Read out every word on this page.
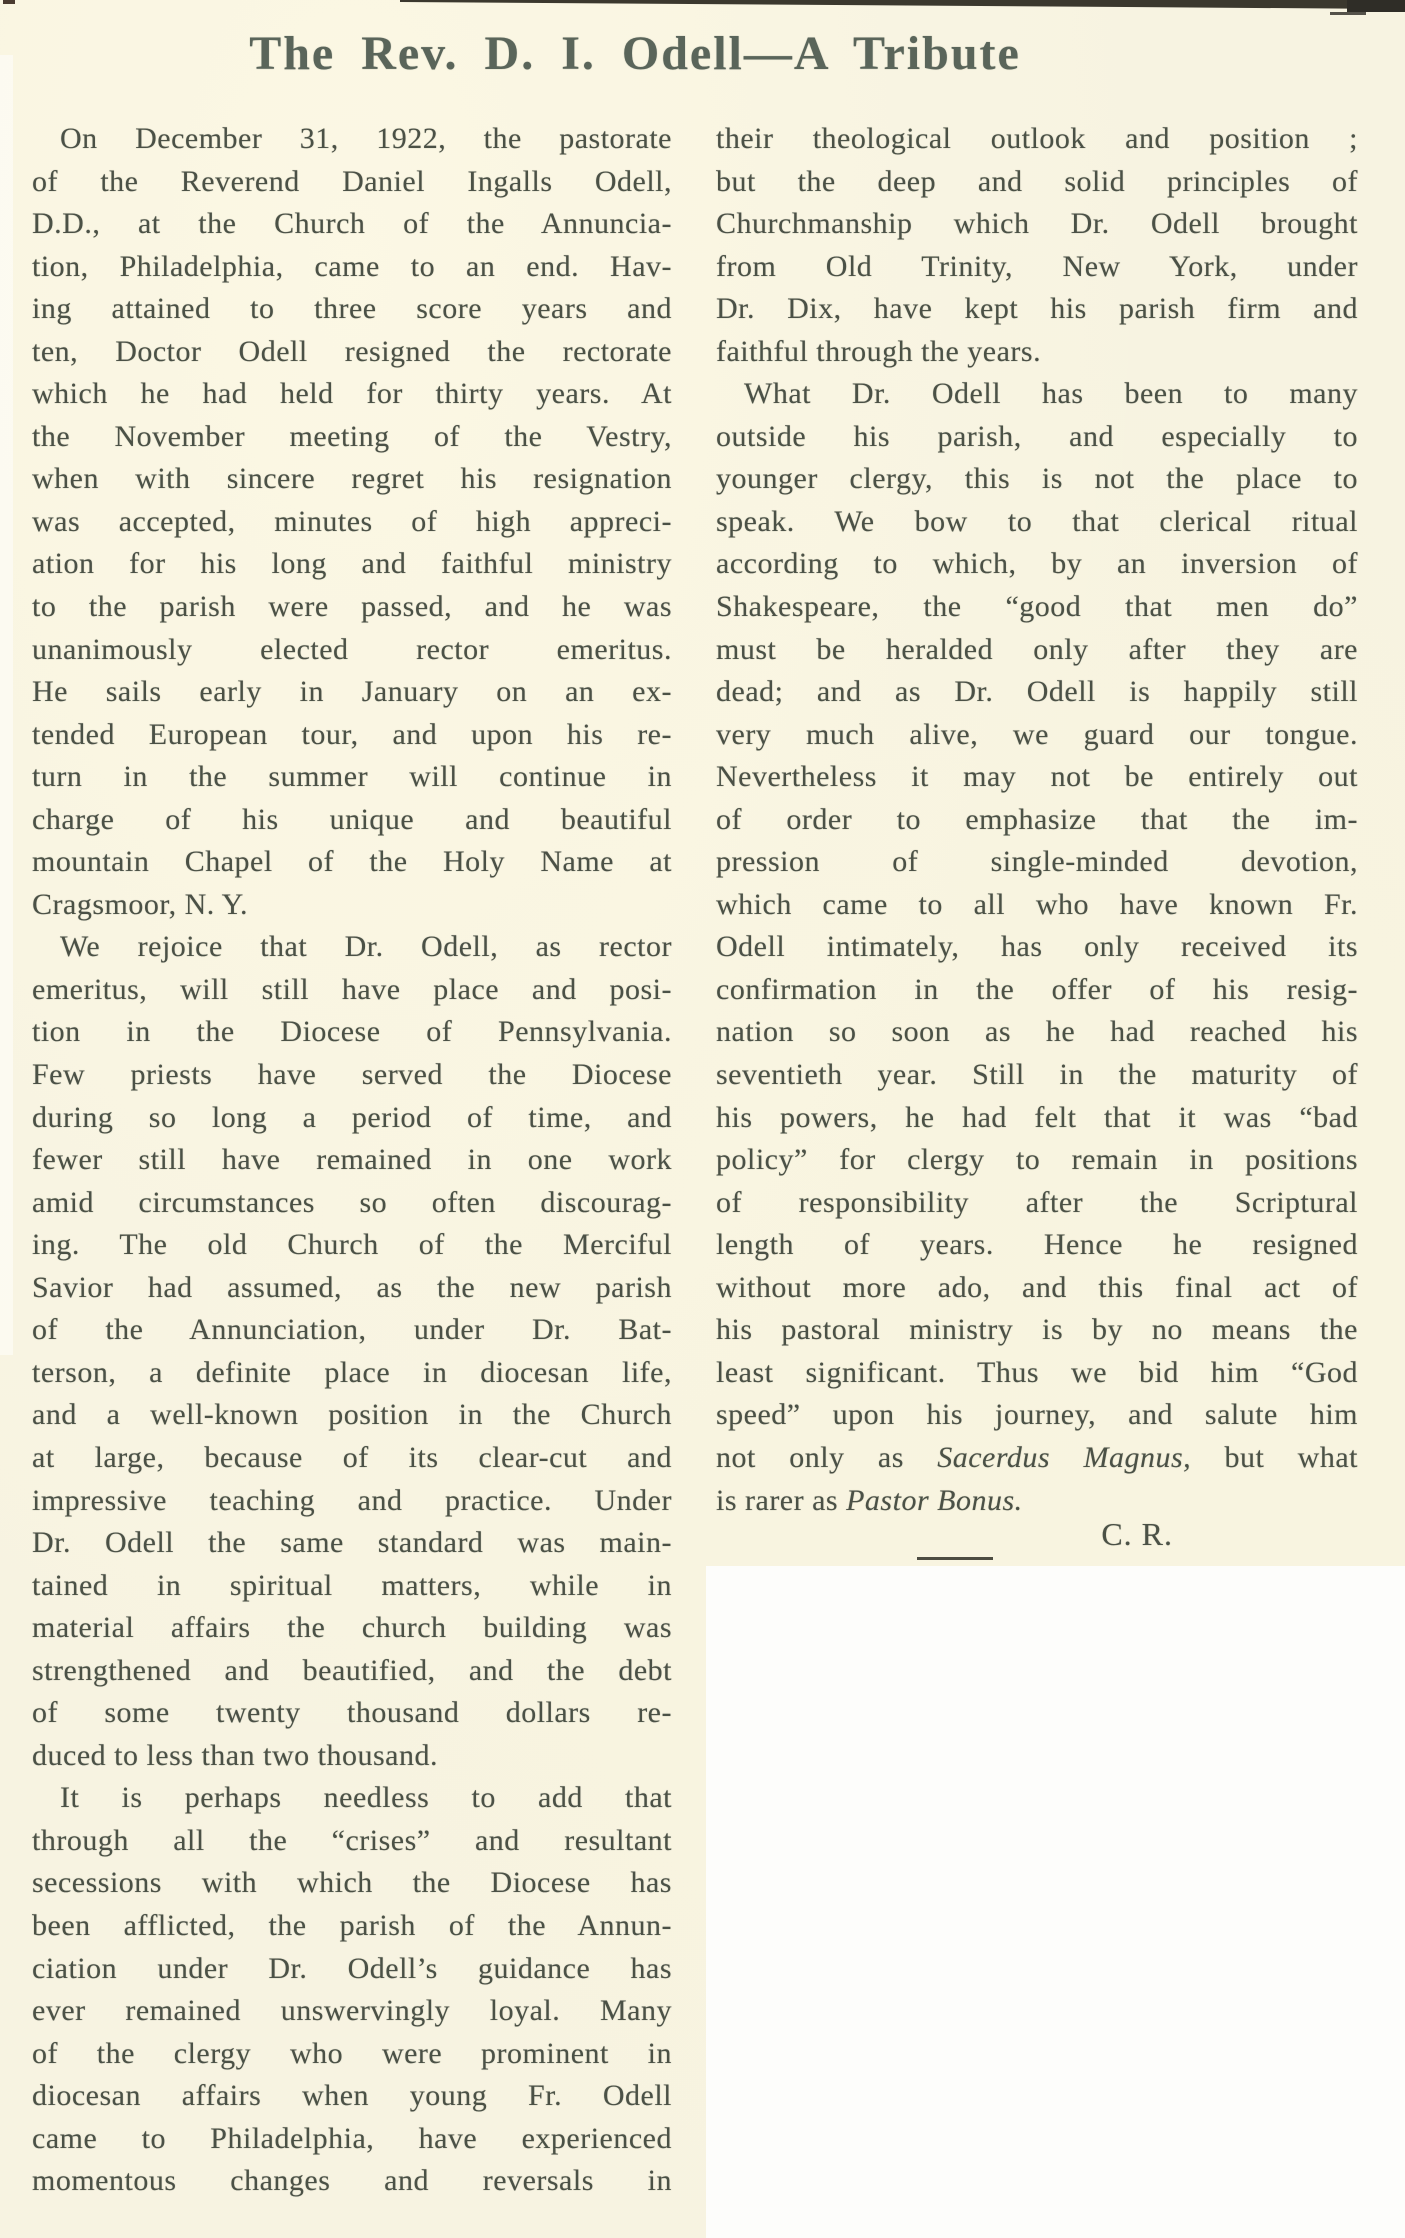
The Rev. D. I. Odell—A Tribute
On December 31, 1922, the pastorate
of the Reverend Daniel Ingalls Odell,
D.D., at the Church of the Annuncia-
tion, Philadelphia, came to an end. Hav-
ing attained to three score years and
ten, Doctor Odell resigned the rectorate
which he had held for thirty years. At
the November meeting of the Vestry,
when with sincere regret his resignation
was accepted, minutes of high appreci-
ation for his long and faithful ministry
to the parish were passed, and he was
unanimously elected rector emeritus.
He sails early in January on an ex-
tended European tour, and upon his re-
turn in the summer will continue in
charge of his unique and beautiful
mountain Chapel of the Holy Name at
Cragsmoor, N. Y.
We rejoice that Dr. Odell, as rector
emeritus, will still have place and posi-
tion in the Diocese of Pennsylvania.
Few priests have served the Diocese
during so long a period of time, and
fewer still have remained in one work
amid circumstances so often discourag-
ing. The old Church of the Merciful
Savior had assumed, as the new parish
of the Annunciation, under Dr. Bat-
terson, a definite place in diocesan life,
and a well-known position in the Church
at large, because of its clear-cut and
impressive teaching and practice. Under
Dr. Odell the same standard was main-
tained in spiritual matters, while in
material affairs the church building was
strengthened and beautified, and the debt
of some twenty thousand dollars re-
duced to less than two thousand.
It is perhaps needless to add that
through all the “crises” and resultant
secessions with which the Diocese has
been afflicted, the parish of the Annun-
ciation under Dr. Odell’s guidance has
ever remained unswervingly loyal. Many
of the clergy who were prominent in
diocesan affairs when young Fr. Odell
came to Philadelphia, have experienced
momentous changes and reversals in
their theological outlook and position ;
but the deep and solid principles of
Churchmanship which Dr. Odell brought
from Old Trinity, New York, under
Dr. Dix, have kept his parish firm and
faithful through the years.
What Dr. Odell has been to many
outside his parish, and especially to
younger clergy, this is not the place to
speak. We bow to that clerical ritual
according to which, by an inversion of
Shakespeare, the “good that men do”
must be heralded only after they are
dead; and as Dr. Odell is happily still
very much alive, we guard our tongue.
Nevertheless it may not be entirely out
of order to emphasize that the im-
pression of single-minded devotion,
which came to all who have known Fr.
Odell intimately, has only received its
confirmation in the offer of his resig-
nation so soon as he had reached his
seventieth year. Still in the maturity of
his powers, he had felt that it was “bad
policy” for clergy to remain in positions
of responsibility after the Scriptural
length of years. Hence he resigned
without more ado, and this final act of
his pastoral ministry is by no means the
least significant. Thus we bid him “God
speed” upon his journey, and salute him
not only as Sacerdus Magnus, but what
is rarer as Pastor Bonus.
C. R.
